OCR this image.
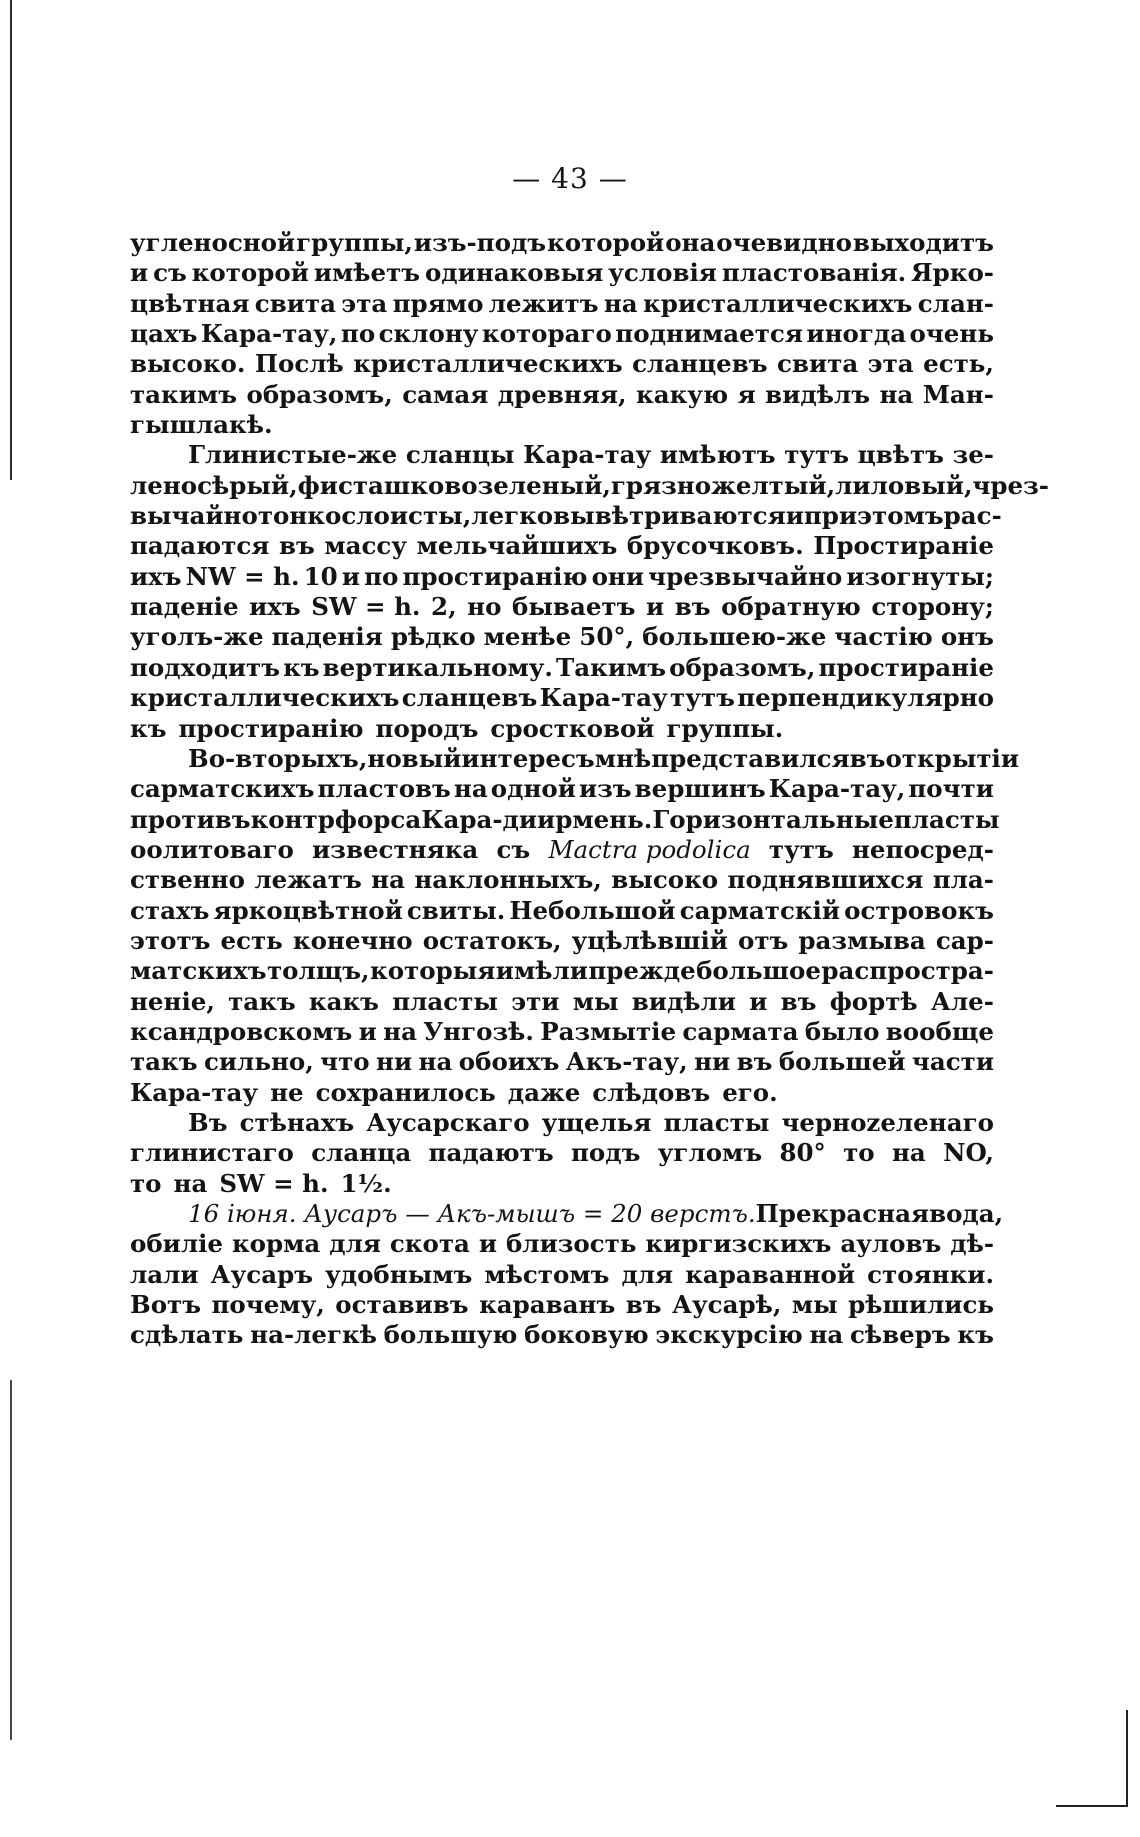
— 43 —
угленосной группы, изъ-подъ которой она очевидно выходитъ
и съ которой имѣетъ одинаковыя условія пластованія. Ярко-
цвѣтная свита эта прямо лежитъ на кристаллическихъ слан-
цахъ Кара-тау, по склону котораго поднимается иногда очень
высоко. Послѣ кристаллическихъ сланцевъ свита эта есть,
такимъ образомъ, самая древняя, какую я видѣлъ на Ман-
гышлакѣ.
Глинистые-же сланцы Кара-тау имѣютъ тутъ цвѣтъ зе-
леносѣрый, фисташковозеленый, грязножелтый, лиловый, чрез-
вычайно тонкослоисты, легко вывѣтриваются и при этомъ рас-
падаются въ массу мельчайшихъ брусочковъ. Простираніе
ихъ NW = h. 10 и по простиранію они чрезвычайно изогнуты;
паденіе ихъ SW = h. 2, но бываетъ и въ обратную сторону;
уголъ-же паденія рѣдко менѣе 50°, большею-же частію онъ
подходитъ къ вертикальному. Такимъ образомъ, простираніе
кристаллическихъ сланцевъ Кара-тау тутъ перпендикулярно
къ простиранію породъ сростковой группы.
Во-вторыхъ, новый интересъ мнѣ представился въ открытіи
сарматскихъ пластовъ на одной изъ вершинъ Кара-тау, почти
противъ контрфорса Кара-диирмень. Горизонтальные пласты
оолитоваго известняка съ Mactra podolica тутъ непосред-
ственно лежатъ на наклонныхъ, высоко поднявшихся пла-
стахъ яркоцвѣтной свиты. Небольшой сарматскій островокъ
этотъ есть конечно остатокъ, уцѣлѣвшій отъ размыва сар-
матскихъ толщъ, которыя имѣли прежде большое распростра-
неніе, такъ какъ пласты эти мы видѣли и въ фортѣ Але-
ксандровскомъ и на Унгозѣ. Размытіе сармата было вообще
такъ сильно, что ни на обоихъ Акъ-тау, ни въ большей части
Кара-тау не сохранилось даже слѣдовъ его.
Въ стѣнахъ Аусарскаго ущелья пласты черноzеленаго
глинистаго сланца падаютъ подъ угломъ 80° то на NO,
то на SW = h. 1½.
16 іюня. Аусаръ — Акъ-мышъ = 20 верстъ. Прекрасная вода,
обиліе корма для скота и близость киргизскихъ ауловъ дѣ-
лали Аусаръ удобнымъ мѣстомъ для караванной стоянки.
Вотъ почему, оставивъ караванъ въ Аусарѣ, мы рѣшились
сдѣлать на-легкѣ большую боковую экскурсію на сѣверъ къ
